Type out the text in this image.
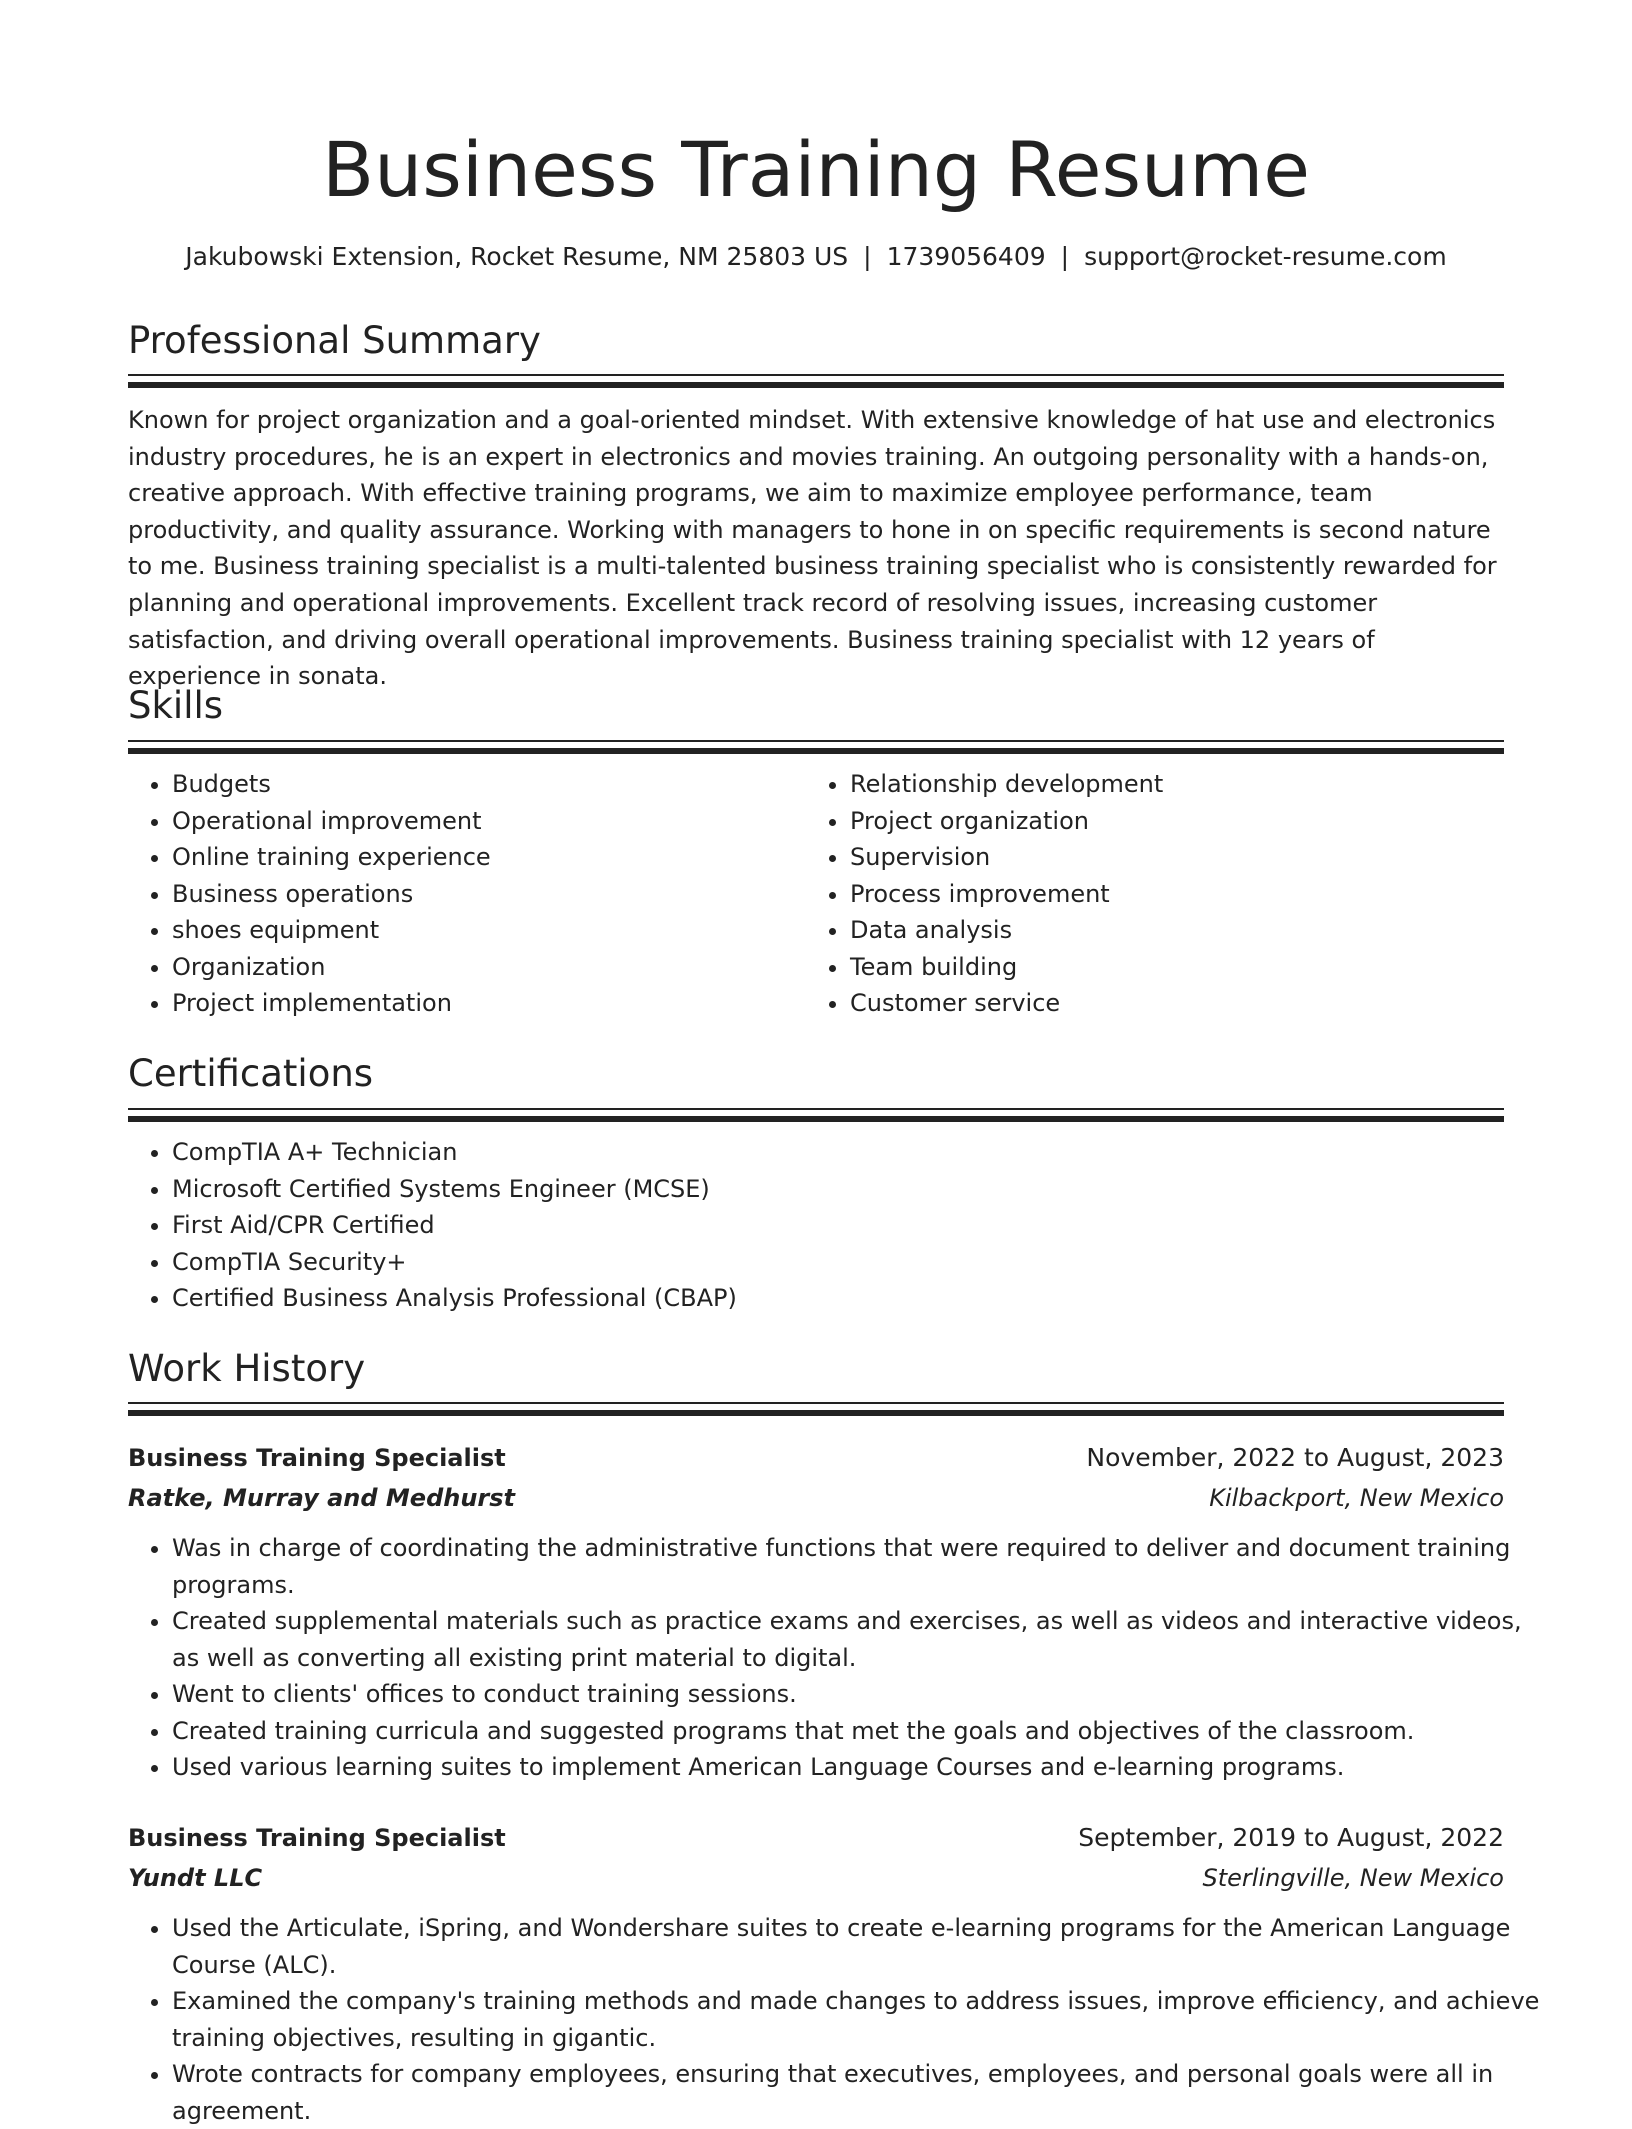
Business Training Resume
Jakubowski Extension, Rocket Resume, NM 25803 US | 1739056409 | support@rocket-resume.com
Professional Summary

Known for project organization and a goal-oriented mindset. With extensive knowledge of hat use and electronics industry procedures, he is an expert in electronics and movies training. An outgoing personality with a hands-on, creative approach. With effective training programs, we aim to maximize employee performance, team productivity, and quality assurance. Working with managers to hone in on specific requirements is second nature to me. Business training specialist is a multi-talented business training specialist who is consistently rewarded for planning and operational improvements. Excellent track record of resolving issues, increasing customer satisfaction, and driving overall operational improvements. Business training specialist with 12 years of experience in sonata.

Skills
• Budgets
• Operational improvement
• Online training experience
• Business operations
• shoes equipment
• Organization
• Project implementation
• Relationship development
• Project organization
• Supervision
• Process improvement
• Data analysis
• Team building
• Customer service
Certifications
• CompTIA A+ Technician
• Microsoft Certified Systems Engineer (MCSE)
• First Aid/CPR Certified
• CompTIA Security+
• Certified Business Analysis Professional (CBAP)
Work History
Business Training Specialist	November, 2022 to August, 2023
Ratke, Murray and Medhurst	Kilbackport, New Mexico
• Was in charge of coordinating the administrative functions that were required to deliver and document training programs.
• Created supplemental materials such as practice exams and exercises, as well as videos and interactive videos, as well as converting all existing print material to digital.
• Went to clients' offices to conduct training sessions.
• Created training curricula and suggested programs that met the goals and objectives of the classroom.
• Used various learning suites to implement American Language Courses and e-learning programs.
Business Training Specialist	September, 2019 to August, 2022
Yundt LLC	Sterlingville, New Mexico
• Used the Articulate, iSpring, and Wondershare suites to create e-learning programs for the American Language Course (ALC).
• Examined the company's training methods and made changes to address issues, improve efficiency, and achieve training objectives, resulting in gigantic.
• Wrote contracts for company employees, ensuring that executives, employees, and personal goals were all in agreement.
